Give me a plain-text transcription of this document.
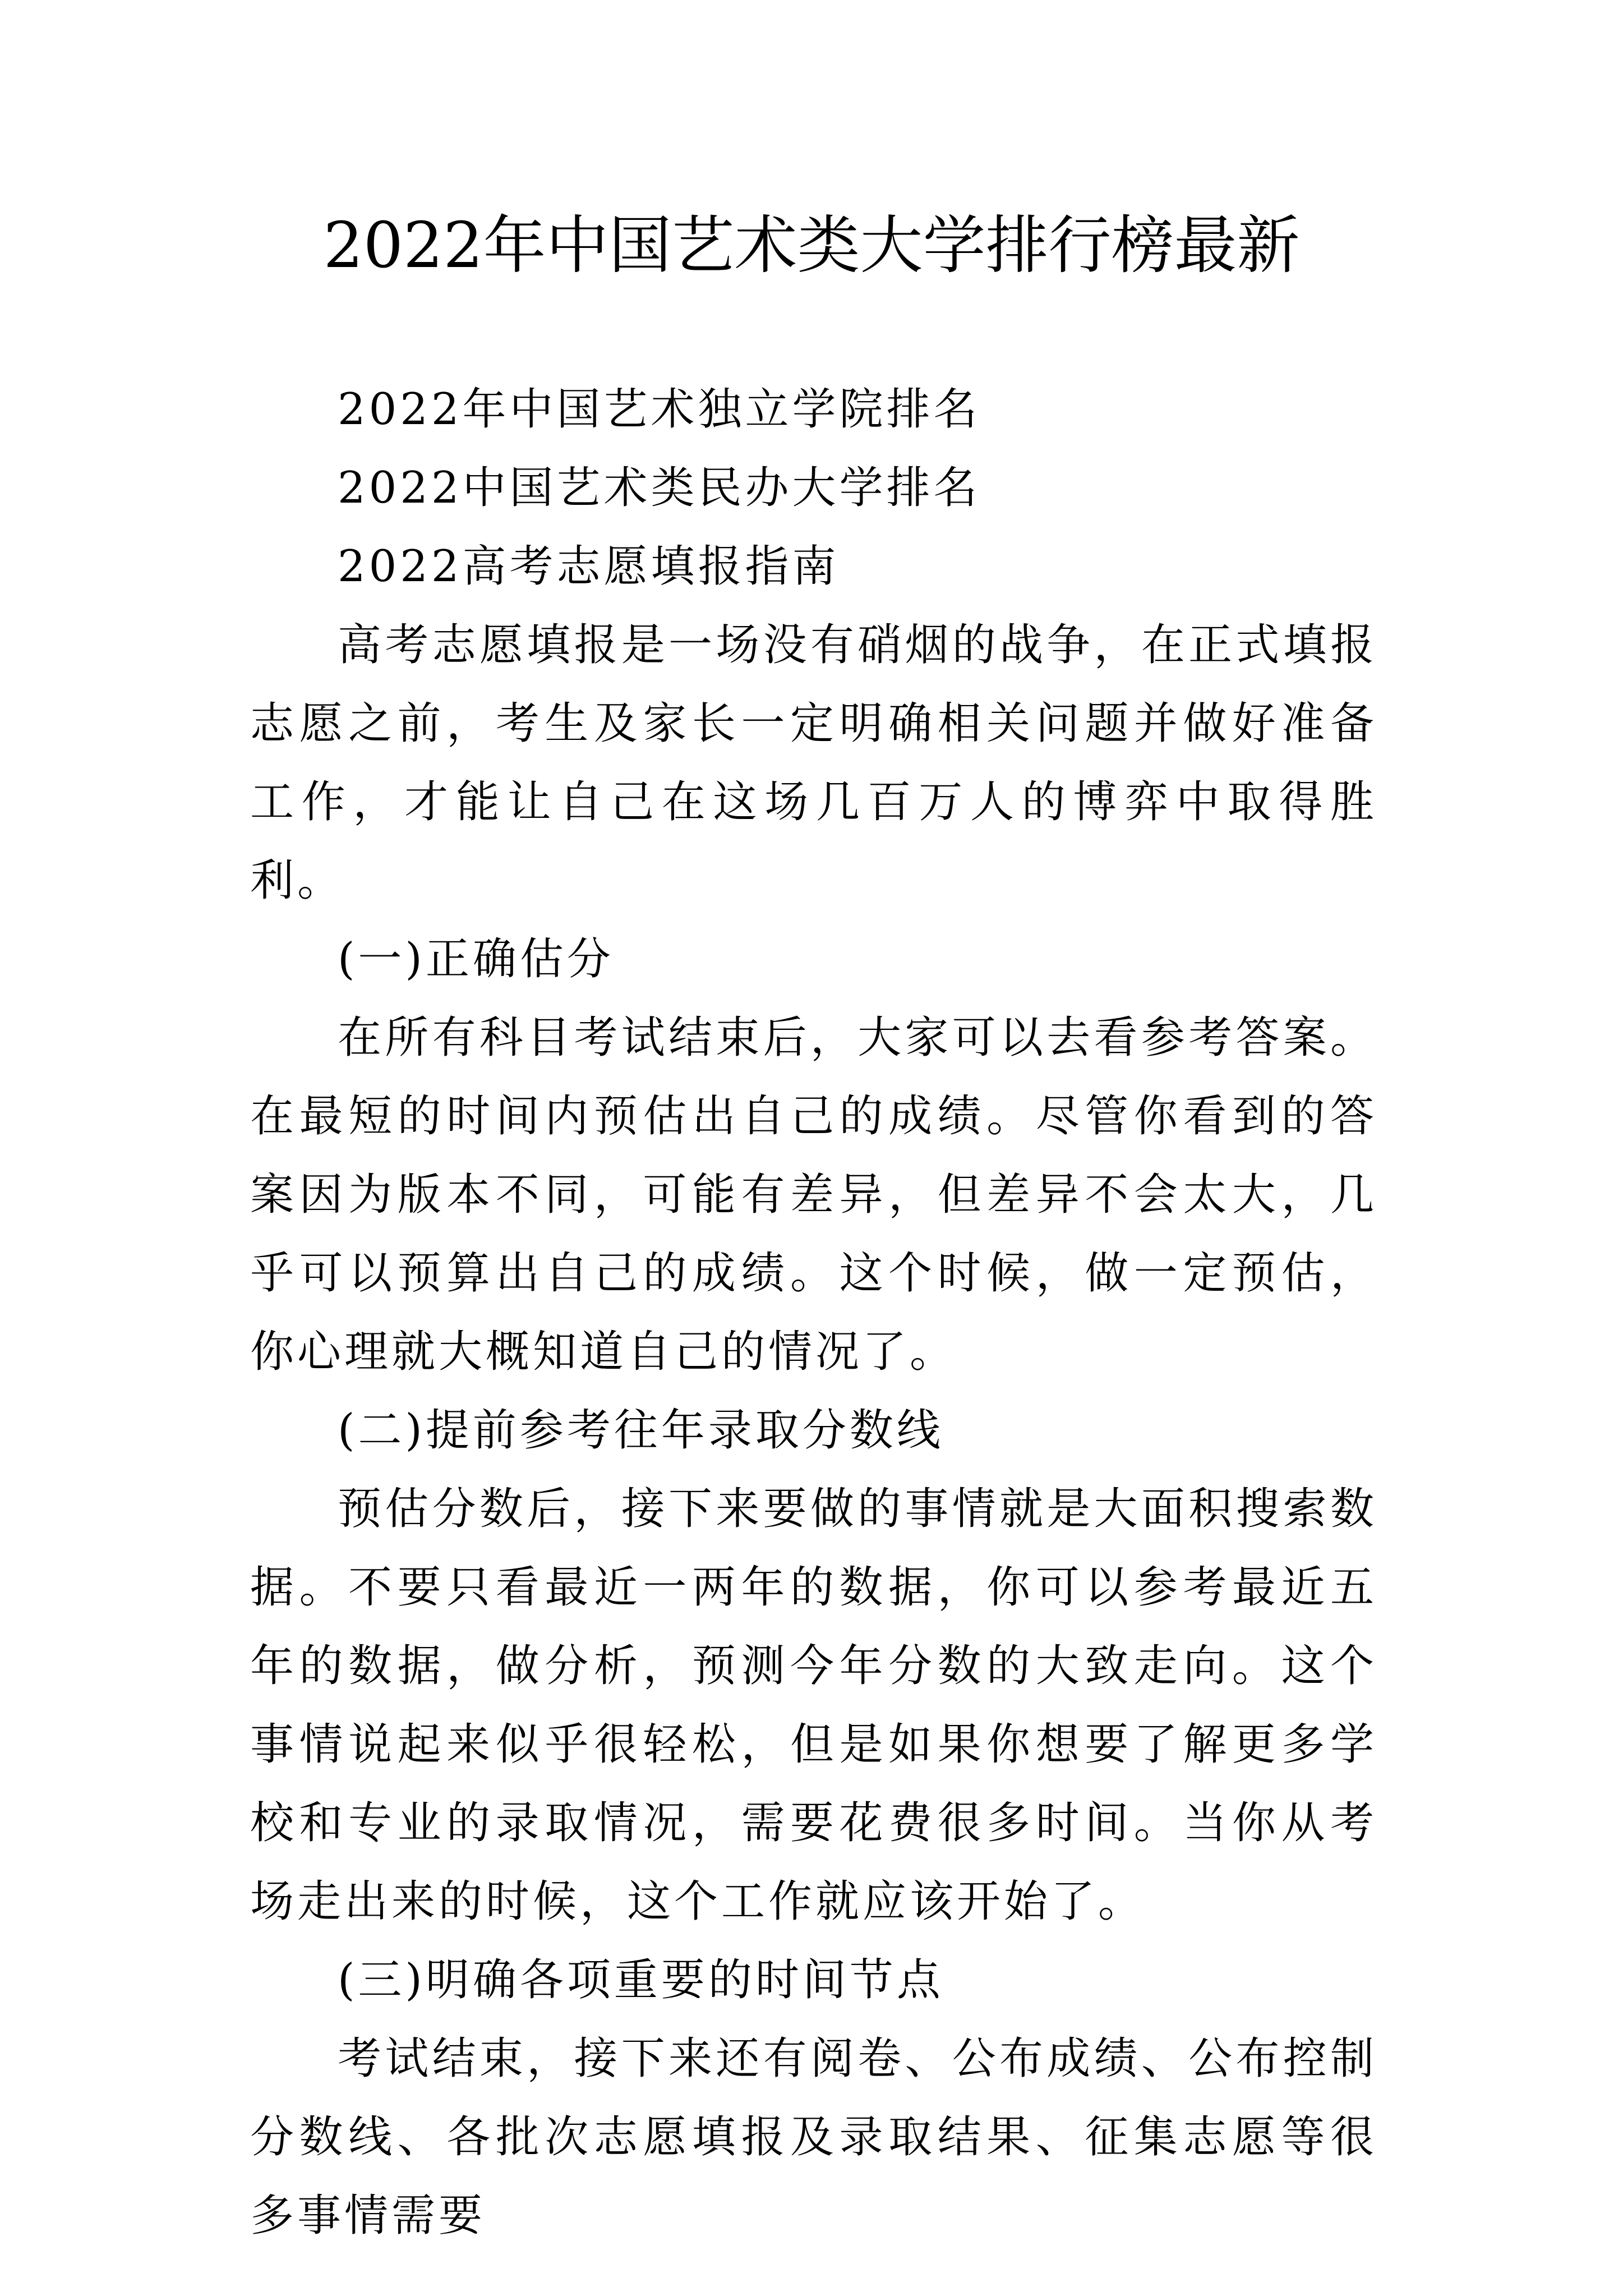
2022年中国艺术类大学排行榜最新

2022年中国艺术独立学院排名

2022中国艺术类民办大学排名

2022高考志愿填报指南

高考志愿填报是一场没有硝烟的战争，在正式填报志愿之前，考生及家长一定明确相关问题并做好准备工作，才能让自己在这场几百万人的博弈中取得胜利。

(一)正确估分

在所有科目考试结束后，大家可以去看参考答案。在最短的时间内预估出自己的成绩。尽管你看到的答案因为版本不同，可能有差异，但差异不会太大，几乎可以预算出自己的成绩。这个时候，做一定预估，你心理就大概知道自己的情况了。

(二)提前参考往年录取分数线

预估分数后，接下来要做的事情就是大面积搜索数据。不要只看最近一两年的数据，你可以参考最近五年的数据，做分析，预测今年分数的大致走向。这个事情说起来似乎很轻松，但是如果你想要了解更多学校和专业的录取情况，需要花费很多时间。当你从考场走出来的时候，这个工作就应该开始了。

(三)明确各项重要的时间节点

考试结束，接下来还有阅卷、公布成绩、公布控制分数线、各批次志愿填报及录取结果、征集志愿等很多事情需要
